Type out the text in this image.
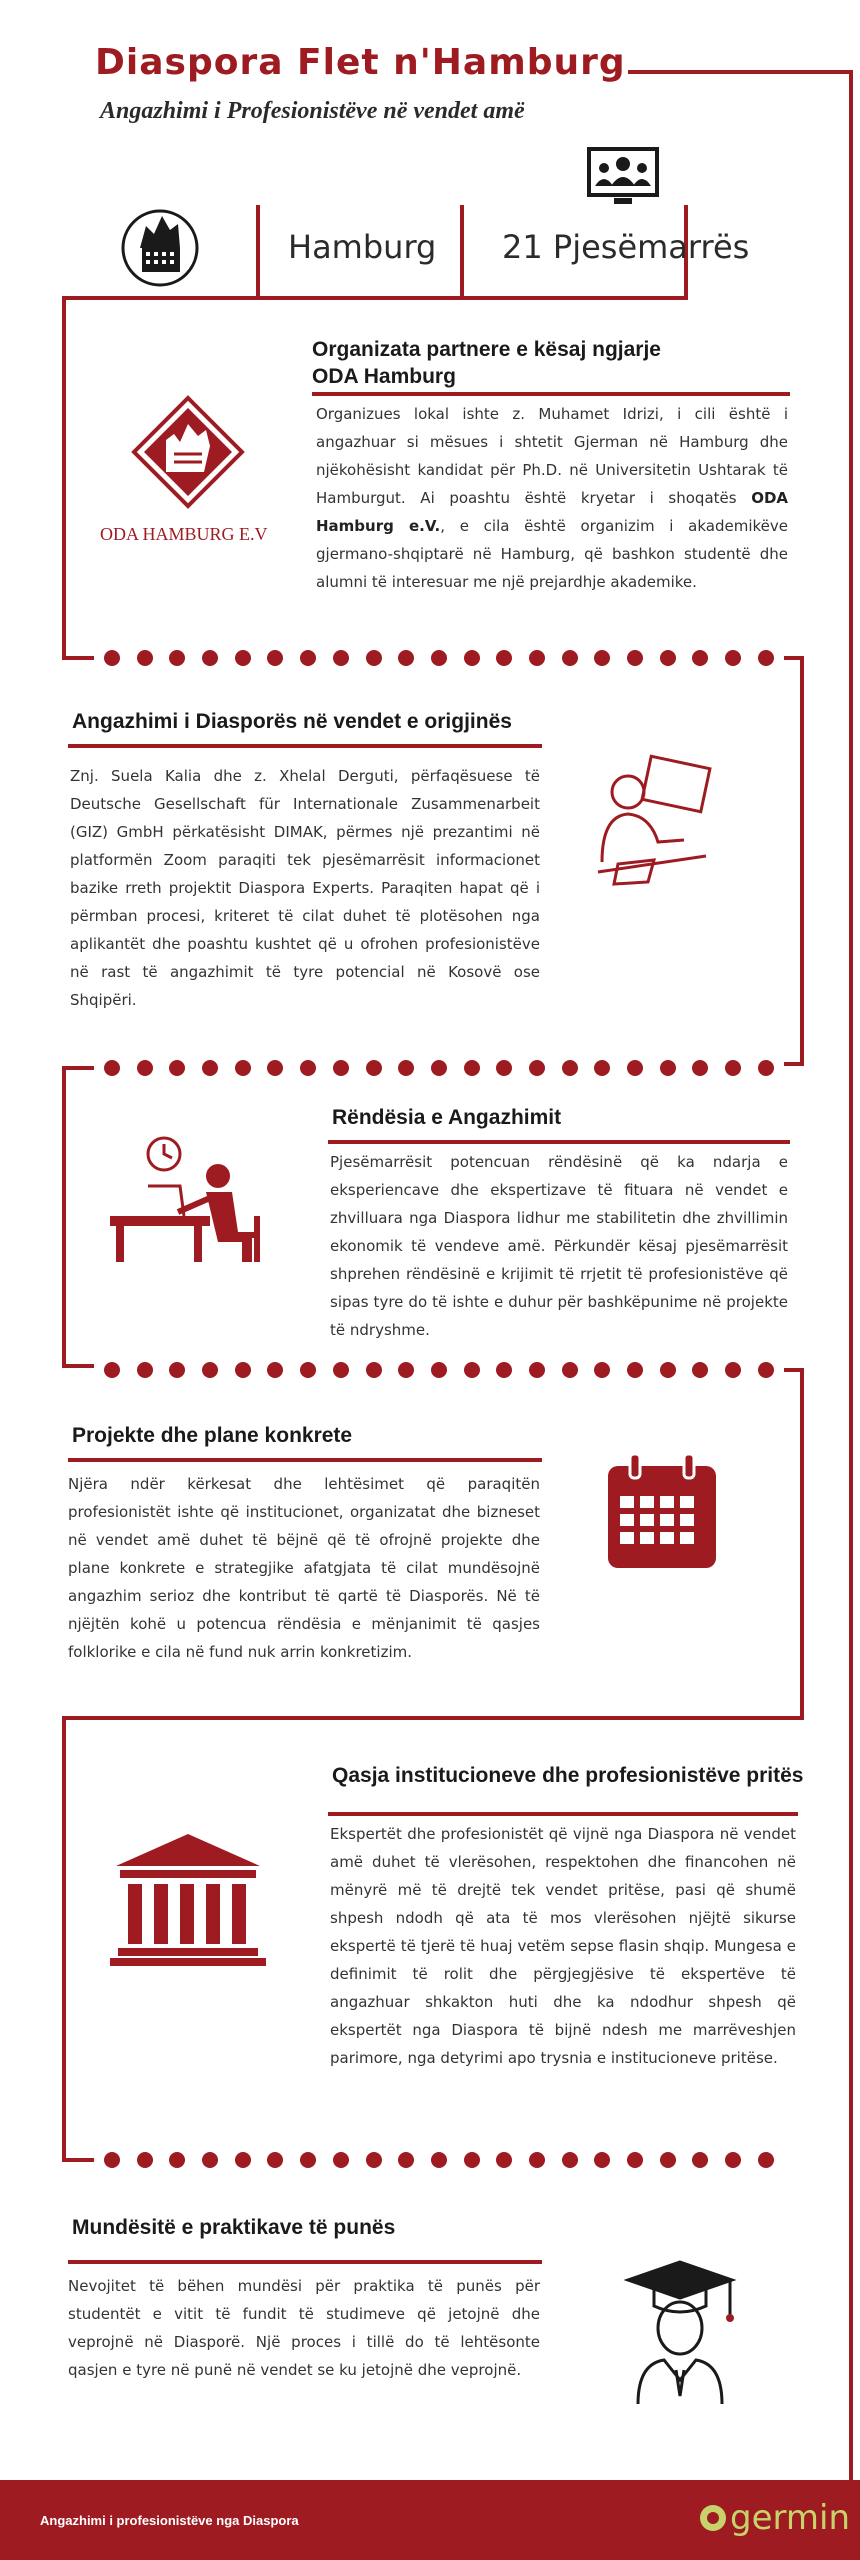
Diaspora Flet n'Hamburg
Angazhimi i Profesionistëve në vendet amë
Hamburg 21 Pjesëmarrës
ODA HAMBURG E.V
Organizata partnere e kësaj ngjarje
ODA Hamburg
Organizues lokal ishte z. Muhamet Idrizi, i cili është i angazhuar si mësues i shtetit Gjerman në Hamburg dhe njëkohësisht kandidat për Ph.D. në Universitetin Ushtarak të Hamburgut. Ai poashtu është kryetar i shoqatës ODA Hamburg e.V., e cila është organizim i akademikëve gjermano-shqiptarë në Hamburg, që bashkon studentë dhe alumni të interesuar me një prejardhje akademike.
Angazhimi i Diasporës në vendet e origjinës
Znj. Suela Kalia dhe z. Xhelal Derguti, përfaqësuese të Deutsche Gesellschaft für Internationale Zusammenarbeit (GIZ) GmbH përkatësisht DIMAK, përmes një prezantimi në platformën Zoom paraqiti tek pjesëmarrësit informacionet bazike rreth projektit Diaspora Experts. Paraqiten hapat që i përmban procesi, kriteret të cilat duhet të plotësohen nga aplikantët dhe poashtu kushtet që u ofrohen profesionistëve në rast të angazhimit të tyre potencial në Kosovë ose Shqipëri.
Rëndësia e Angazhimit
Pjesëmarrësit potencuan rëndësinë që ka ndarja e eksperiencave dhe ekspertizave të fituara në vendet e zhvilluara nga Diaspora lidhur me stabilitetin dhe zhvillimin ekonomik të vendeve amë. Përkundër kësaj pjesëmarrësit shprehen rëndësinë e krijimit të rrjetit të profesionistëve që sipas tyre do të ishte e duhur për bashkëpunime në projekte të ndryshme.
Projekte dhe plane konkrete
Njëra ndër kërkesat dhe lehtësimet që paraqitën profesionistët ishte që institucionet, organizatat dhe bizneset në vendet amë duhet të bëjnë që të ofrojnë projekte dhe plane konkrete e strategjike afatgjata të cilat mundësojnë angazhim serioz dhe kontribut të qartë të Diasporës. Në të njëjtën kohë u potencua rëndësia e mënjanimit të qasjes folklorike e cila në fund nuk arrin konkretizim.
Qasja institucioneve dhe profesionistëve pritës
Ekspertët dhe profesionistët që vijnë nga Diaspora në vendet amë duhet të vlerësohen, respektohen dhe financohen në mënyrë më të drejtë tek vendet pritëse, pasi që shumë shpesh ndodh që ata të mos vlerësohen njëjtë sikurse ekspertë të tjerë të huaj vetëm sepse flasin shqip. Mungesa e definimit të rolit dhe përgjegjësive të ekspertëve të angazhuar shkakton huti dhe ka ndodhur shpesh që ekspertët nga Diaspora të bijnë ndesh me marrëveshjen parimore, nga detyrimi apo trysnia e institucioneve pritëse.
Mundësitë e praktikave të punës
Nevojitet të bëhen mundësi për praktika të punës për studentët e vitit të fundit të studimeve që jetojnë dhe veprojnë në Diasporë. Një proces i tillë do të lehtësonte qasjen e tyre në punë në vendet se ku jetojnë dhe veprojnë.
Angazhimi i profesionistëve nga Diaspora	germin
